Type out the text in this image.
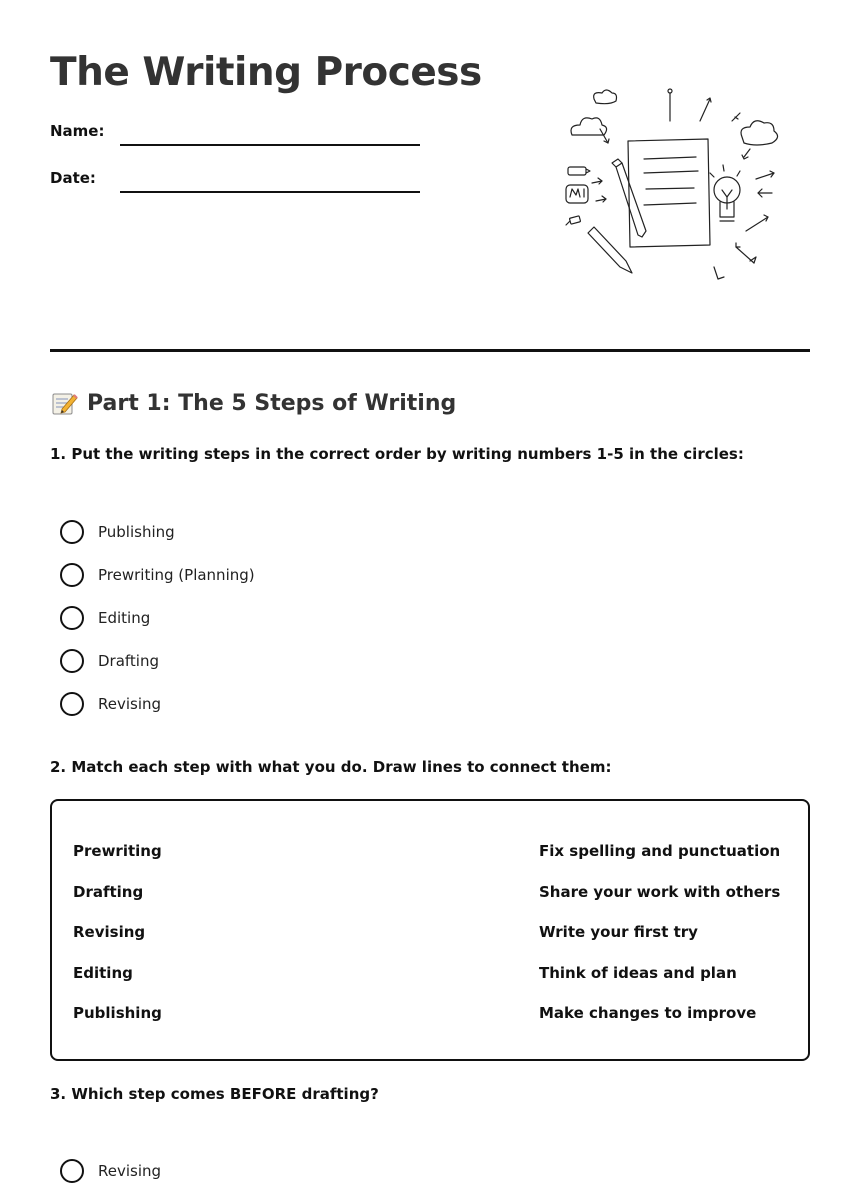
The Writing Process
Name:
Date:
Part 1: The 5 Steps of Writing

1. Put the writing steps in the correct order by writing numbers 1-5 in the circles:

Publishing
Prewriting (Planning)
Editing
Drafting
Revising

2. Match each step with what you do. Draw lines to connect them:

Prewriting
Drafting
Revising
Editing
Publishing
Fix spelling and punctuation
Share your work with others
Write your first try
Think of ideas and plan
Make changes to improve

3. Which step comes BEFORE drafting?

Revising
